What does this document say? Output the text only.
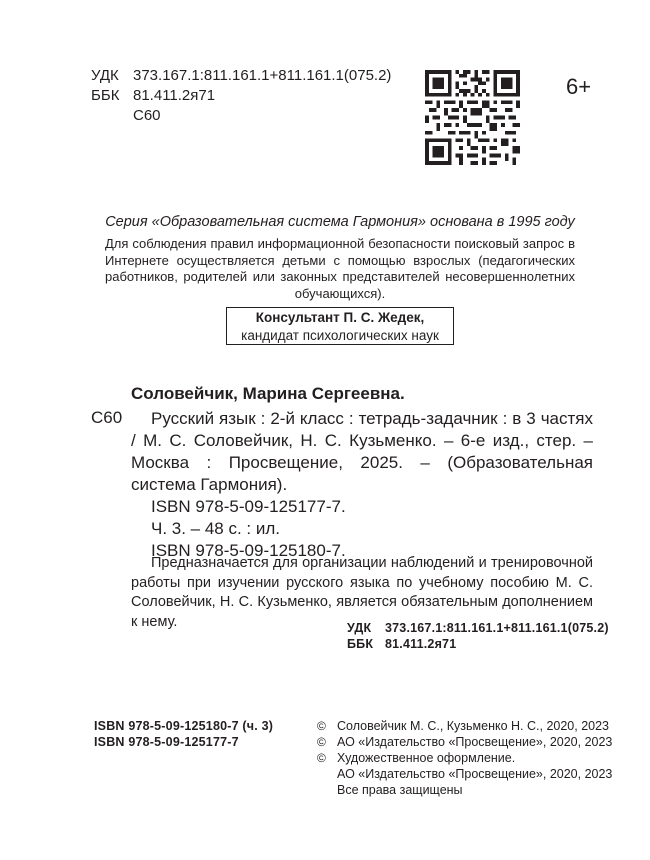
УДК 373.167.1:811.161.1+811.161.1(075.2)
ББК 81.411.2я71
С60
6+
Серия «Образовательная система Гармония» основана в 1995 году
Для соблюдения правил информационной безопасности поисковый запрос в Интернете осуществляется детьми с помощью взрослых (педагогических работников, родителей или законных представителей несовершеннолетних обучающихся).
Консультант П. С. Жедек,
кандидат психологических наук
Соловейчик, Марина Сергеевна.
С60	Русский язык : 2-й класс : тетрадь-задачник : в 3 частях / М. С. Соловейчик, Н. С. Кузьменко. – 6-е изд., стер. – Москва : Просвещение, 2025. – (Образовательная система Гармония).
ISBN 978-5-09-125177-7.
Ч. 3. – 48 с. : ил.
ISBN 978-5-09-125180-7.
Предназначается для организации наблюдений и тренировочной работы при изучении русского языка по учебному пособию М. С. Соловейчик, Н. С. Кузьменко, является обязательным дополнением к нему.	УДК 373.167.1:811.161.1+811.161.1(075.2)
ББК 81.411.2я71
ISBN 978-5-09-125180-7 (ч. 3)
ISBN 978-5-09-125177-7
© Соловейчик М. С., Кузьменко Н. С., 2020, 2023
© АО «Издательство «Просвещение», 2020, 2023
© Художественное оформление.
АО «Издательство «Просвещение», 2020, 2023
Все права защищены
